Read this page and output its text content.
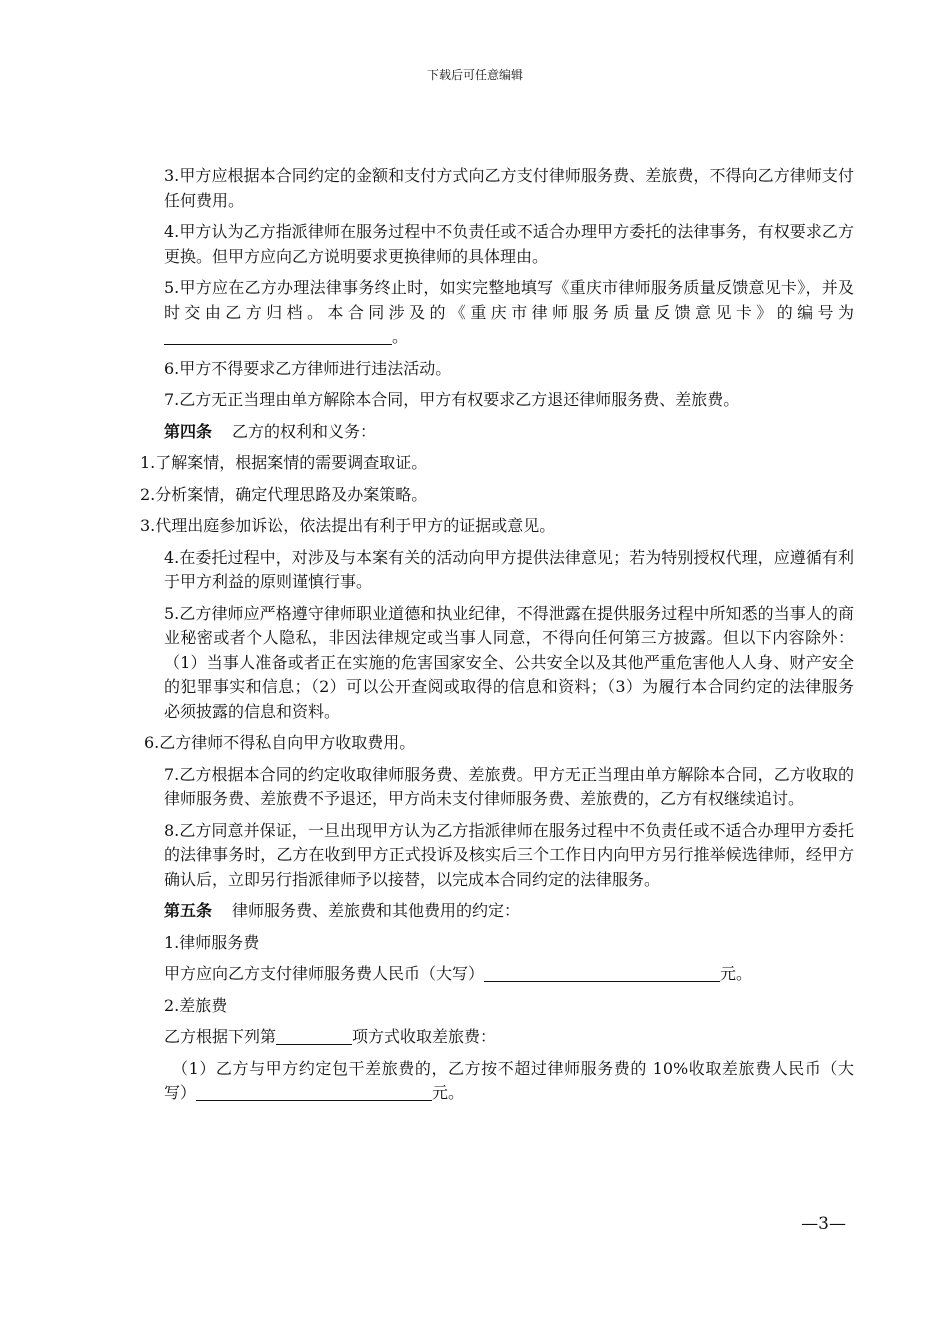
下载后可任意编辑

3.甲方应根据本合同约定的金额和支付方式向乙方支付律师服务费、差旅费，不得向乙方律师支付任何费用。

4.甲方认为乙方指派律师在服务过程中不负责任或不适合办理甲方委托的法律事务，有权要求乙方更换。但甲方应向乙方说明要求更换律师的具体理由。

5.甲方应在乙方办理法律事务终止时，如实完整地填写《重庆市律师服务质量反馈意见卡》，并及时交由乙方归档。本合同涉及的《重庆市律师服务质量反馈意见卡》的编号为。

6.甲方不得要求乙方律师进行违法活动。

7.乙方无正当理由单方解除本合同，甲方有权要求乙方退还律师服务费、差旅费。

第四条 乙方的权利和义务：

1.了解案情，根据案情的需要调查取证。

2.分析案情，确定代理思路及办案策略。

3.代理出庭参加诉讼，依法提出有利于甲方的证据或意见。

4.在委托过程中，对涉及与本案有关的活动向甲方提供法律意见；若为特别授权代理，应遵循有利于甲方利益的原则谨慎行事。

5.乙方律师应严格遵守律师职业道德和执业纪律，不得泄露在提供服务过程中所知悉的当事人的商业秘密或者个人隐私，非因法律规定或当事人同意，不得向任何第三方披露。但以下内容除外：（1）当事人准备或者正在实施的危害国家安全、公共安全以及其他严重危害他人人身、财产安全的犯罪事实和信息；（2）可以公开查阅或取得的信息和资料；（3）为履行本合同约定的法律服务必须披露的信息和资料。

6.乙方律师不得私自向甲方收取费用。

7.乙方根据本合同的约定收取律师服务费、差旅费。甲方无正当理由单方解除本合同，乙方收取的律师服务费、差旅费不予退还，甲方尚未支付律师服务费、差旅费的，乙方有权继续追讨。

8.乙方同意并保证，一旦出现甲方认为乙方指派律师在服务过程中不负责任或不适合办理甲方委托的法律事务时，乙方在收到甲方正式投诉及核实后三个工作日内向甲方另行推举候选律师，经甲方确认后，立即另行指派律师予以接替，以完成本合同约定的法律服务。

第五条 律师服务费、差旅费和其他费用的约定：

1.律师服务费

甲方应向乙方支付律师服务费人民币（大写）	元。

2.差旅费

乙方根据下列第	项方式收取差旅费：

（1）乙方与甲方约定包干差旅费的，乙方按不超过律师服务费的 10%收取差旅费人民币（大写）	元。

—3—
